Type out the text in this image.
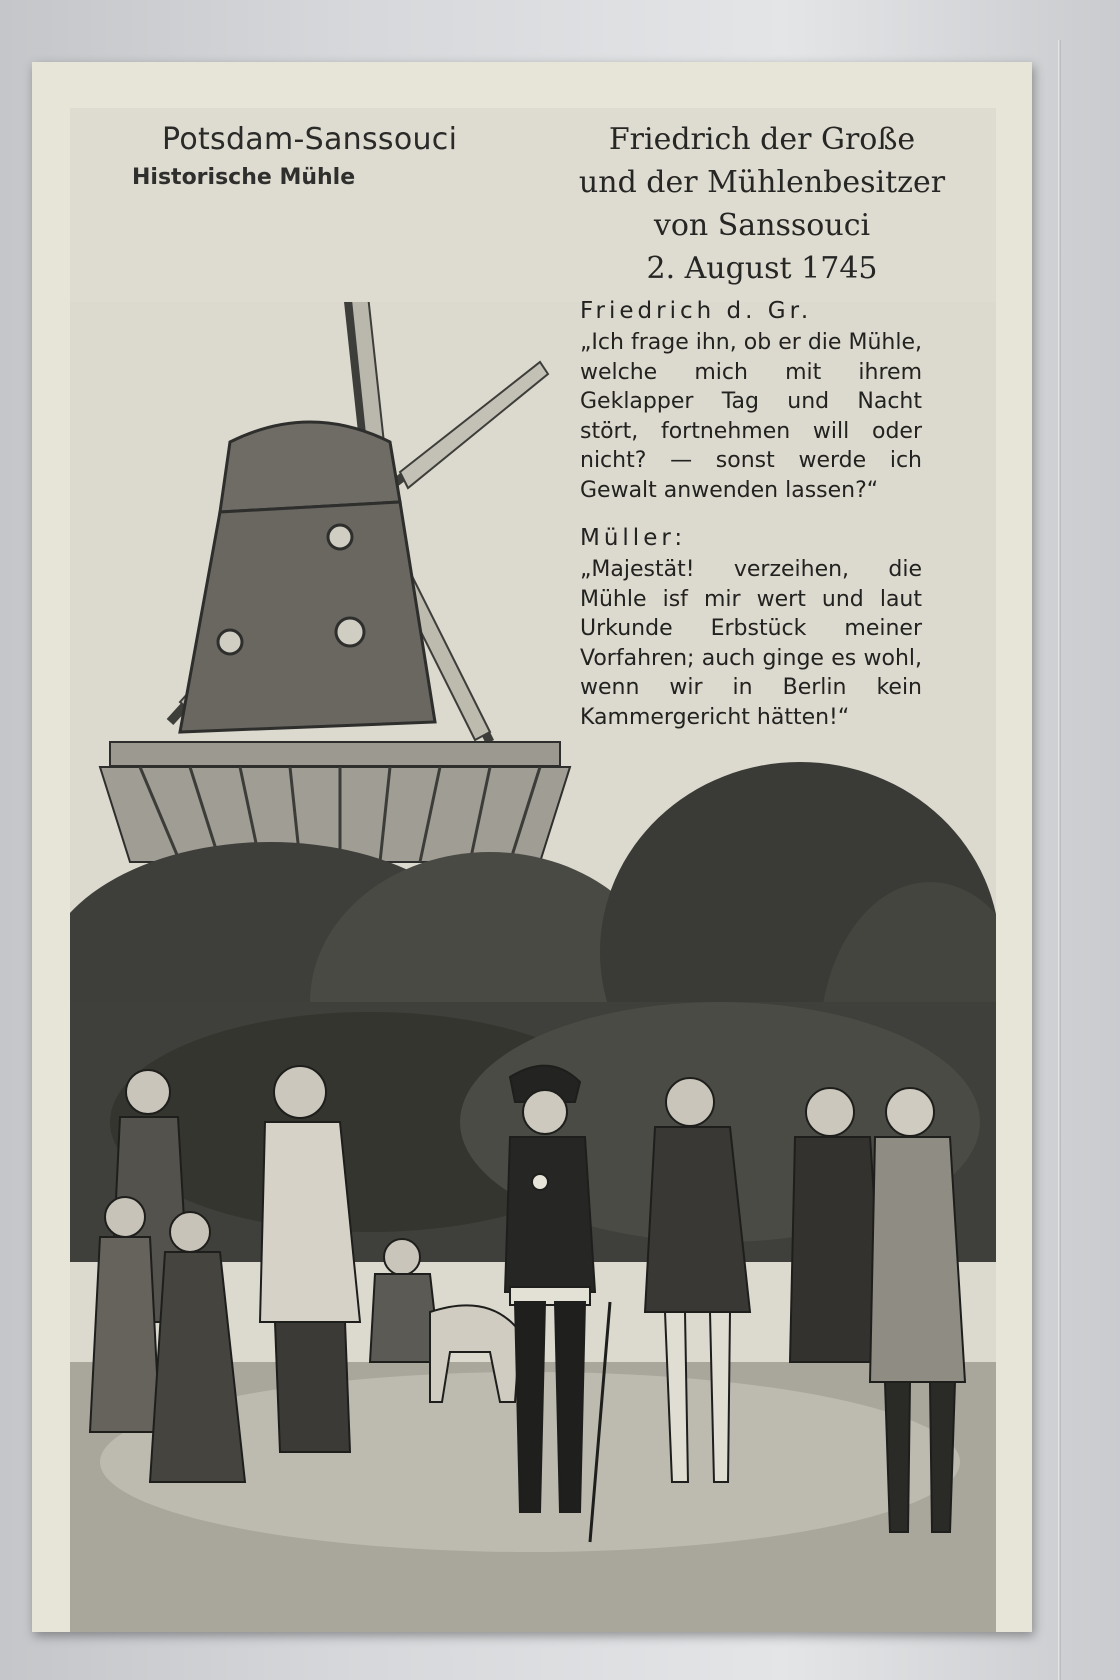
Potsdam-Sanssouci
Historische Mühle
Friedrich der Große
und der Mühlenbesitzer
von Sanssouci
2. August 1745

Friedrich d. Gr.

„Ich frage ihn, ob er die Mühle, welche mich mit ihrem Geklapper Tag und Nacht stört, fortnehmen will oder nicht? — sonst werde ich Gewalt anwenden lassen?“

Müller:

„Majestät! verzeihen, die Mühle isf mir wert und laut Urkunde Erbstück meiner Vorfahren; auch ginge es wohl, wenn wir in Berlin kein Kammergericht hätten!“
